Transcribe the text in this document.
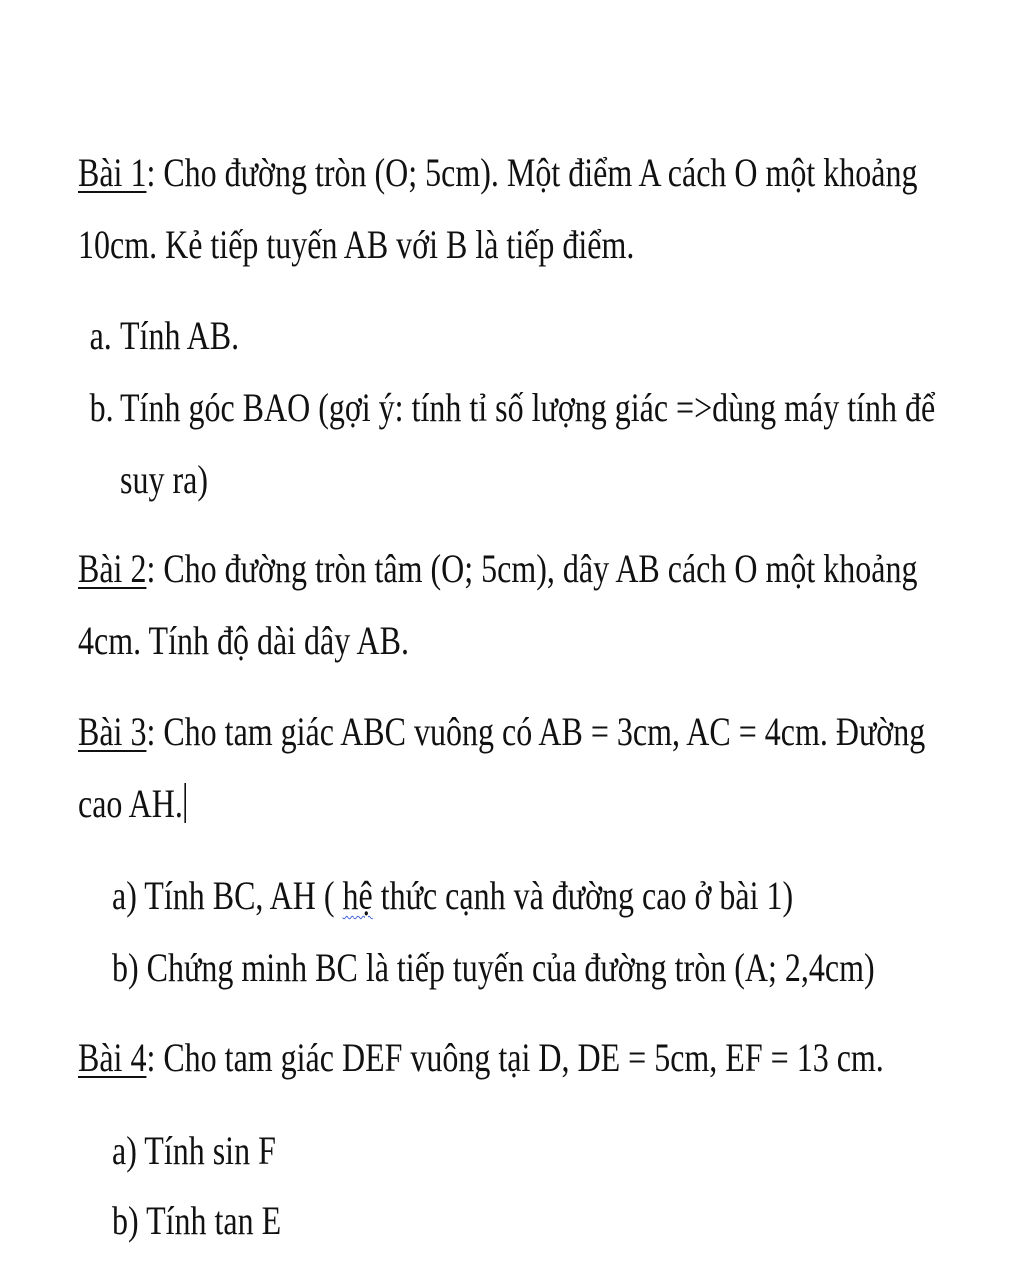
Bài 1: Cho đường tròn (O; 5cm). Một điểm A cách O một khoảng
10cm. Kẻ tiếp tuyến AB với B là tiếp điểm.
a. Tính AB.
b. Tính góc BAO (gợi ý: tính tỉ số lượng giác =>dùng máy tính để
suy ra)
Bài 2: Cho đường tròn tâm (O; 5cm), dây AB cách O một khoảng
4cm. Tính độ dài dây AB.
Bài 3: Cho tam giác ABC vuông có AB = 3cm, AC = 4cm. Đường
cao AH.
a) Tính BC, AH ( hệ thức cạnh và đường cao ở bài 1)
b) Chứng minh BC là tiếp tuyến của đường tròn (A; 2,4cm)
Bài 4: Cho tam giác DEF vuông tại D, DE = 5cm, EF = 13 cm.
a) Tính sin F
b) Tính tan E
